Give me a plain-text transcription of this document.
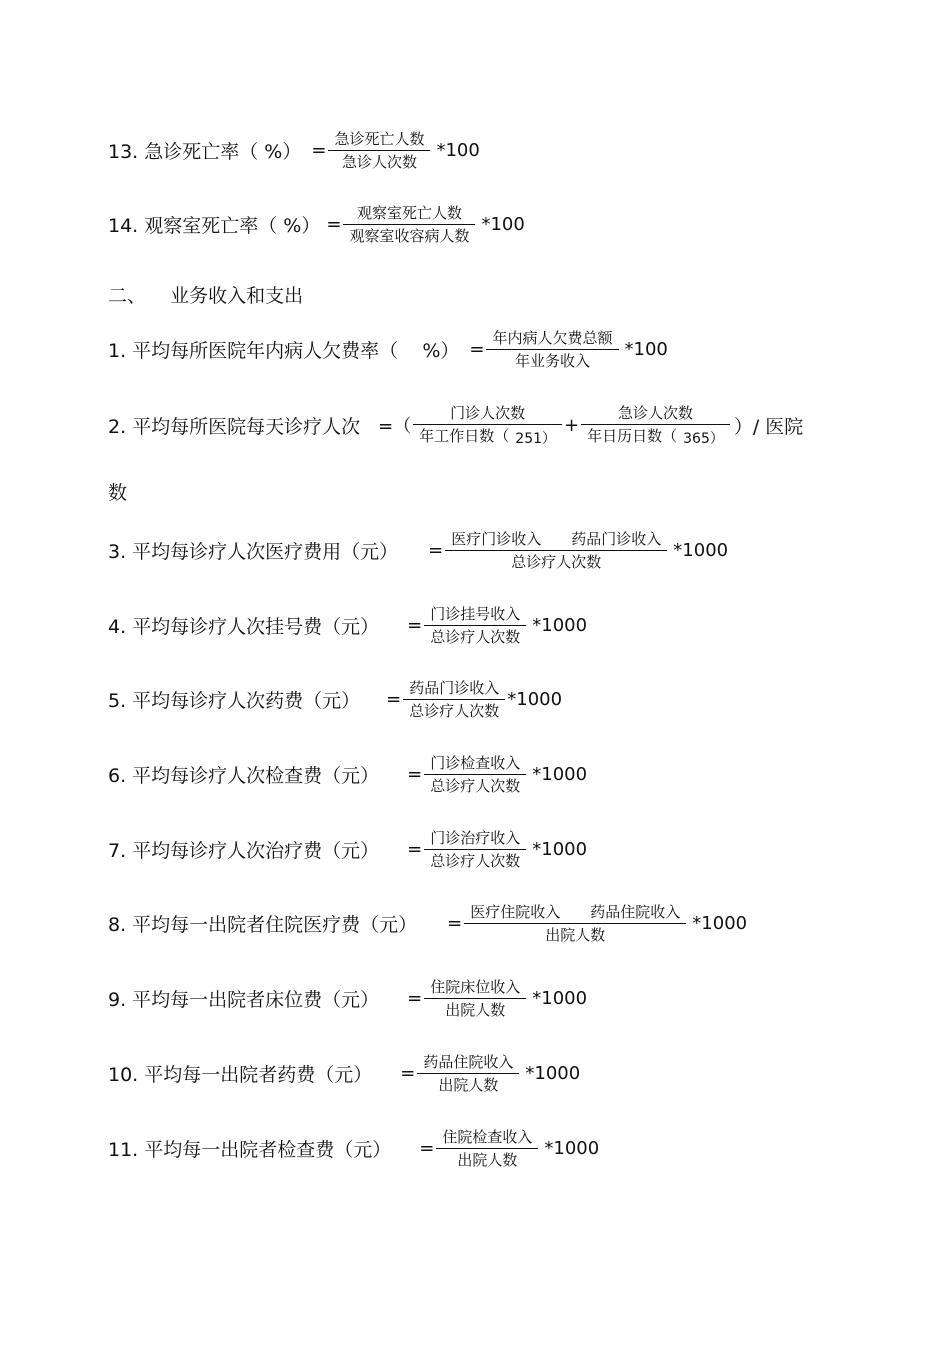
13. 急诊死亡率（ %） = $\frac{\text{急诊死亡人数}}{\text{急诊人次数}} *100$
14. 观察室死亡率（ %） = $\frac{\text{观察室死亡人数}}{\text{观察室收容病人数}} *100$
二、    业务收入和支出
1. 平均每所医院年内病人欠费率（    %） = $\frac{\text{年内病人欠费总额}}{\text{年业务收入}} *100$
2. 平均每所医院每天诊疗人次 =（ $\frac{\text{门诊人次数}}{\text{年工作日数（ 251）}} + \frac{\text{急诊人次数}}{\text{年日历日数（ 365）}}$ ）/ 医院
数
3. 平均每诊疗人次医疗费用（元） = $\frac{\text{医疗门诊收入 药品门诊收入}}{\text{总诊疗人次数}} *1000$
4. 平均每诊疗人次挂号费（元） = $\frac{\text{门诊挂号收入}}{\text{总诊疗人次数}} *1000$
5. 平均每诊疗人次药费（元） = $\frac{\text{药品门诊收入}}{\text{总诊疗人次数}} *1000$
6. 平均每诊疗人次检查费（元） = $\frac{\text{门诊检查收入}}{\text{总诊疗人次数}} *1000$
7. 平均每诊疗人次治疗费（元） = $\frac{\text{门诊治疗收入}}{\text{总诊疗人次数}} *1000$
8. 平均每一出院者住院医疗费（元） = $\frac{\text{医疗住院收入 药品住院收入}}{\text{出院人数}} *1000$
9. 平均每一出院者床位费（元） = $\frac{\text{住院床位收入}}{\text{出院人数}} *1000$
10. 平均每一出院者药费（元） = $\frac{\text{药品住院收入}}{\text{出院人数}} *1000$
11. 平均每一出院者检查费（元） = $\frac{\text{住院检查收入}}{\text{出院人数}} *1000$
